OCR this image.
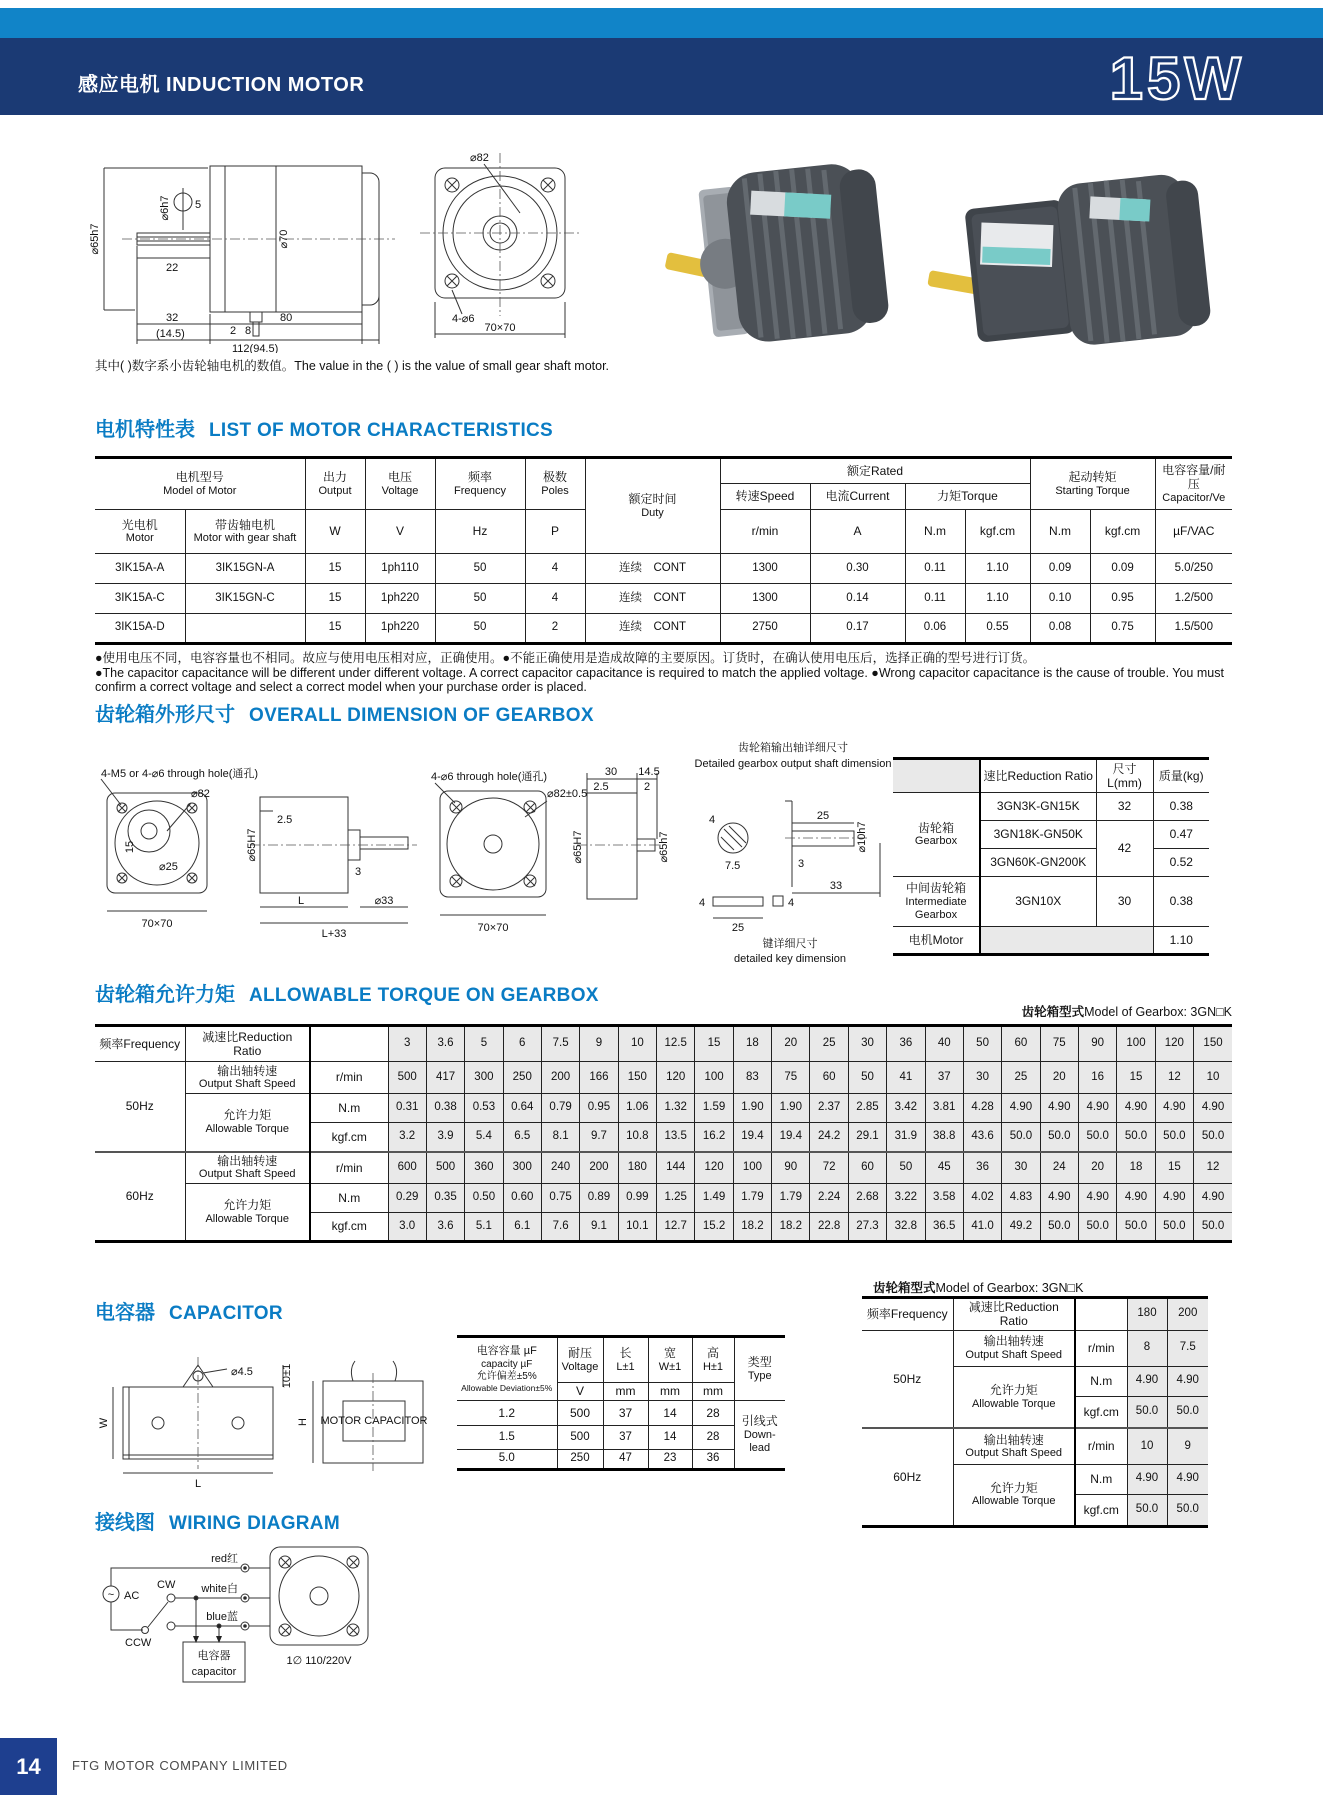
感应电机 INDUCTION MOTOR	15W
⌀65h7
⌀6h7 5
22
⌀70
2 8
32
(14.5)
80
112(94.5)
⌀82
4-⌀6
70×70
其中( )数字系小齿轮轴电机的数值。The value in the ( ) is the value of small gear shaft motor.
电机特性表 LIST OF MOTOR CHARACTERISTICS
电机型号
Model of Motor		出力
Output	电压
Voltage	频率
Frequency	极数
Poles	额定时间
Duty	额定Rated				起动转矩
Starting Torque		电容容量/耐压
Capacitor/Ve

							转速Speed	电流Current	力矩Torque				

光电机
Motor	带齿轴电机
Motor with gear shaft	W	V	Hz	P		r/min	A	N.m	kgf.cm	N.m	kgf.cm	µF/VAC
3IK15A-A	3IK15GN-A	15	1ph110	50	4	连续　CONT	1300	0.30	0.11	1.10	0.09	0.09	5.0/250
3IK15A-C	3IK15GN-C	15	1ph220	50	4	连续　CONT	1300	0.14	0.11	1.10	0.10	0.95	1.2/500
3IK15A-D		15	1ph220	50	2	连续　CONT	2750	0.17	0.06	0.55	0.08	0.75	1.5/500
●使用电压不同，电容容量也不相同。故应与使用电压相对应，正确使用。●不能正确使用是造成故障的主要原因。订货时，在确认使用电压后，选择正确的型号进行订货。
●The capacitor capacitance will be different under different voltage. A correct capacitor capacitance is required to match the applied voltage. ●Wrong capacitor capacitance is the cause of trouble. You must confirm a correct voltage and select a correct model when your purchase order is placed.
齿轮箱外形尺寸 OVERALL DIMENSION OF GEARBOX
4-M5 or 4-⌀6 through hole(通孔)
⌀82
15
⌀25
70×70
2.5
⌀65H7
3
L	⌀33
L+33
4-⌀6 through hole(通孔)
⌀82±0.5
70×70
30
2.5
14.5
2
⌀65H7	⌀65h7
齿轮箱输出轴详细尺寸
Detailed gearbox output shaft dimension
4
7.5
25
⌀10h7
3
33
4
25
4
键详细尺寸
detailed key dimension
	速比Reduction Ratio	尺寸L(mm)	质量(kg)

齿轮箱
Gearbox	3GN3K-GN15K	32	0.38
	3GN18K-GN50K	42	0.47
	3GN60K-GN200K		0.52

中间齿轮箱
Intermediate
Gearbox	3GN10X	30	0.38
电机Motor			1.10
齿轮箱允许力矩 ALLOWABLE TORQUE ON GEARBOX
齿轮箱型式Model of Gearbox: 3GN□K
频率Frequency	减速比Reduction Ratio		3	3.6	5	6	7.5	9	10	12.5	15	18	20	25	30	36	40	50	60	75	90	100	120	150
50Hz	输出轴转速
Output Shaft Speed	r/min	500	417	300	250	200	166	150	120	100	83	75	60	50	41	37	30	25	20	16	15	12	10

	允许力矩
Allowable Torque	N.m	0.31	0.38	0.53	0.64	0.79	0.95	1.06	1.32	1.59	1.90	1.90	2.37	2.85	3.42	3.81	4.28	4.90	4.90	4.90	4.90	4.90	4.90
		kgf.cm	3.2	3.9	5.4	6.5	8.1	9.7	10.8	13.5	16.2	19.4	19.4	24.2	29.1	31.9	38.8	43.6	50.0	50.0	50.0	50.0	50.0	50.0
60Hz	输出轴转速
Output Shaft Speed	r/min	600	500	360	300	240	200	180	144	120	100	90	72	60	50	45	36	30	24	20	18	15	12

	允许力矩
Allowable Torque	N.m	0.29	0.35	0.50	0.60	0.75	0.89	0.99	1.25	1.49	1.79	1.79	2.24	2.68	3.22	3.58	4.02	4.83	4.90	4.90	4.90	4.90	4.90
		kgf.cm	3.0	3.6	5.1	6.1	7.6	9.1	10.1	12.7	15.2	18.2	18.2	22.8	27.3	32.8	36.5	41.0	49.2	50.0	50.0	50.0	50.0	50.0
电容器 CAPACITOR
齿轮箱型式Model of Gearbox: 3GN□K
⌀4.5	10±1
W
L
H MOTOR CAPACITOR
电容容量 µF
capacity µF
允许偏差±5%
Allowable Deviation±5%	耐压
Voltage	长
L±1	宽
W±1	高
H±1	类型
Type

	V	mm	mm	mm	
1.2	500	37	14	28	引线式
Down-lead

1.5	500	37	14	28	
5.0	250	47	23	36	
频率Frequency	减速比Reduction Ratio		180	200
50Hz	输出轴转速
Output Shaft Speed	r/min	8	7.5

	允许力矩
Allowable Torque	N.m	4.90	4.90
		kgf.cm	50.0	50.0
60Hz	输出轴转速
Output Shaft Speed	r/min	10	9

	允许力矩
Allowable Torque	N.m	4.90	4.90
		kgf.cm	50.0	50.0
接线图 WIRING DIAGRAM
~ AC
CW
CCW
red红
white白
blue蓝
电容器
capacitor
1∅ 110/220V
14 FTG MOTOR COMPANY LIMITED
